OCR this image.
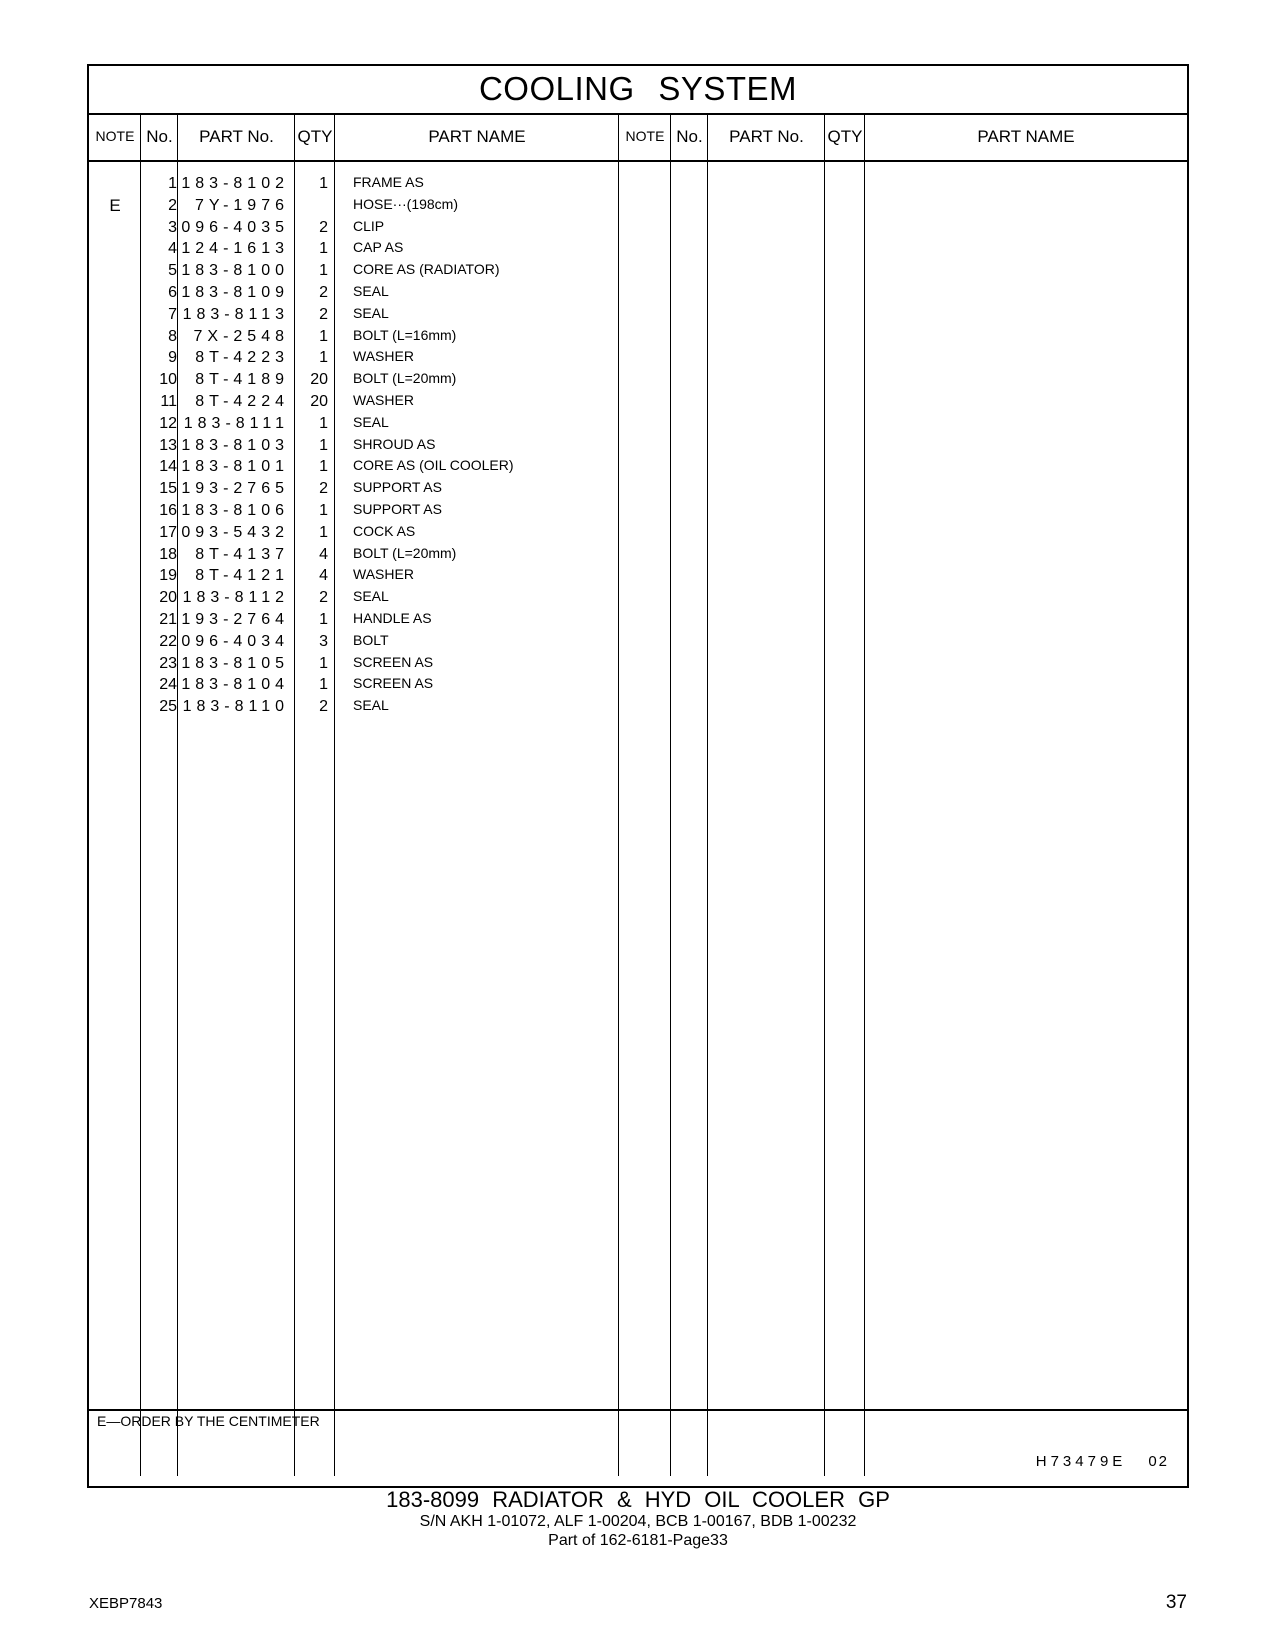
COOLING SYSTEM
NOTE No.	PART No.	QTY	PART NAME	NOTE No.	PART No.	QTY	PART NAME
1 183-8102	1 FRAME AS
E	2	7Y-1976	HOSE···(198cm)
3 096-4035	2 CLIP
4 124-1613	1 CAP AS
5 183-8100	1 CORE AS (RADIATOR)
6 183-8109	2 SEAL
7 183-8113	2 SEAL
8	7X-2548	1 BOLT (L=16mm)
9	8T-4223	1 WASHER
10	8T-4189	20 BOLT (L=20mm)
11	8T-4224	20 WASHER
12 183-8111	1 SEAL
13 183-8103	1 SHROUD AS
14 183-8101	1 CORE AS (OIL COOLER)
15 193-2765	2 SUPPORT AS
16 183-8106	1 SUPPORT AS
17 093-5432	1 COCK AS
18	8T-4137	4 BOLT (L=20mm)
19	8T-4121	4 WASHER
20 183-8112	2 SEAL
21 193-2764	1 HANDLE AS
22 096-4034	3 BOLT
23 183-8105	1 SCREEN AS
24 183-8104	1 SCREEN AS
25 183-8110	2 SEAL
E—ORDER BY THE CENTIMETER
H73479E 02
183‑8099 RADIATOR & HYD OIL COOLER GP
S/N AKH 1‑01072, ALF 1‑00204, BCB 1‑00167, BDB 1‑00232
Part of 162‑6181‑Page33
XEBP7843	37
